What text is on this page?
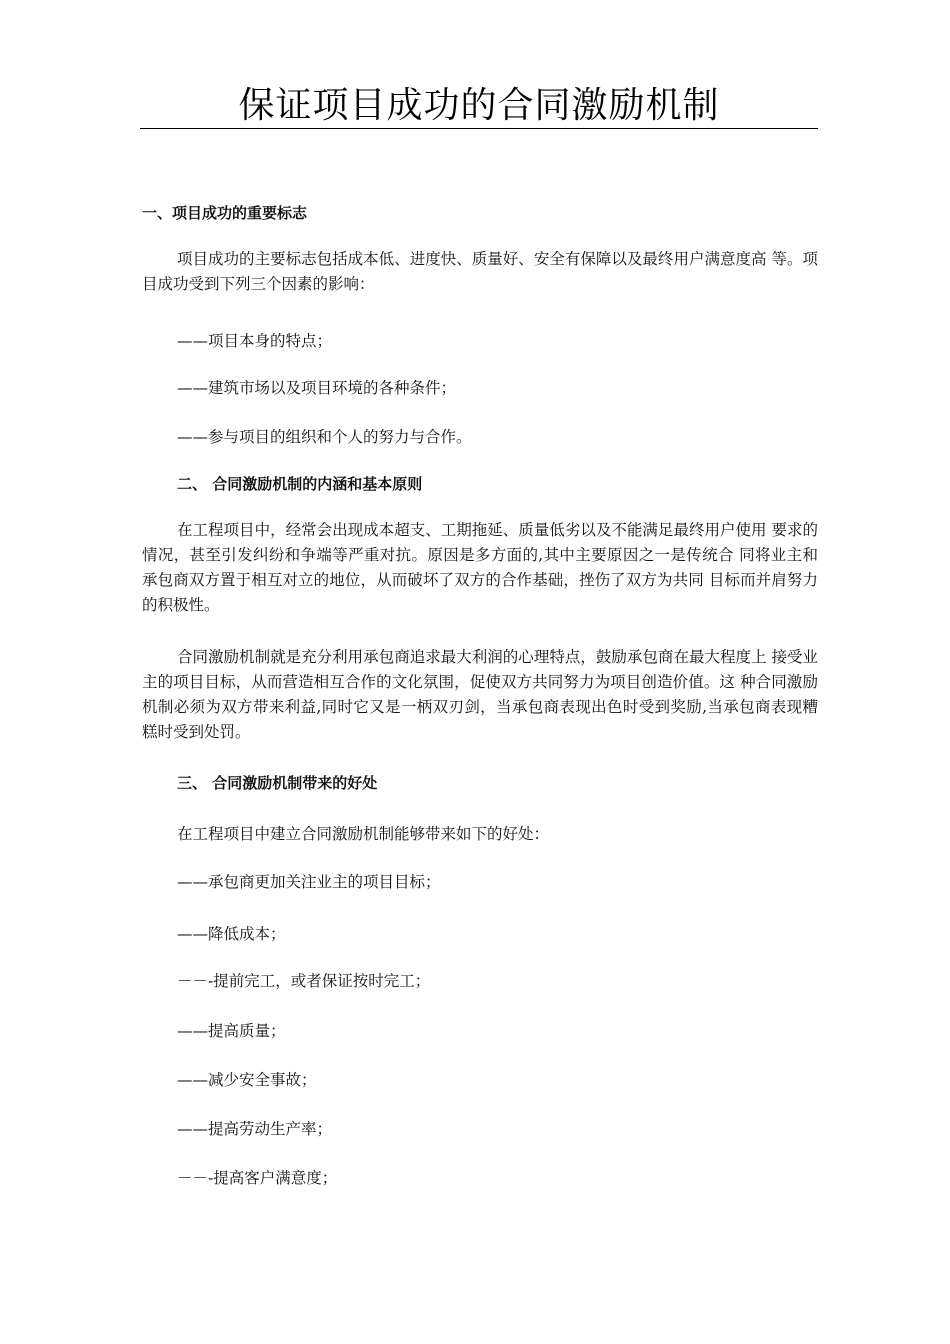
保证项目成功的合同激励机制
一、项目成功的重要标志
项目成功的主要标志包括成本低、进度快、质量好、安全有保障以及最终用户满意度高 等。项目成功受到下列三个因素的影响：
——项目本身的特点；
——建筑市场以及项目环境的各种条件；
——参与项目的组织和个人的努力与合作。
二、 合同激励机制的内涵和基本原则
在工程项目中，经常会出现成本超支、工期拖延、质量低劣以及不能满足最终用户使用 要求的情况，甚至引发纠纷和争端等严重对抗。原因是多方面的,其中主要原因之一是传统合 同将业主和承包商双方置于相互对立的地位，从而破坏了双方的合作基础，挫伤了双方为共同 目标而并肩努力的积极性。
合同激励机制就是充分利用承包商追求最大利润的心理特点，鼓励承包商在最大程度上 接受业主的项目目标，从而营造相互合作的文化氛围，促使双方共同努力为项目创造价值。这 种合同激励机制必须为双方带来利益,同时它又是一柄双刃剑，当承包商表现出色时受到奖励,当承包商表现糟糕时受到处罚。
三、 合同激励机制带来的好处
在工程项目中建立合同激励机制能够带来如下的好处：
——承包商更加关注业主的项目目标；
——降低成本；
－－-提前完工，或者保证按时完工；
——提高质量；
——减少安全事故；
——提高劳动生产率；
－－-提高客户满意度；
